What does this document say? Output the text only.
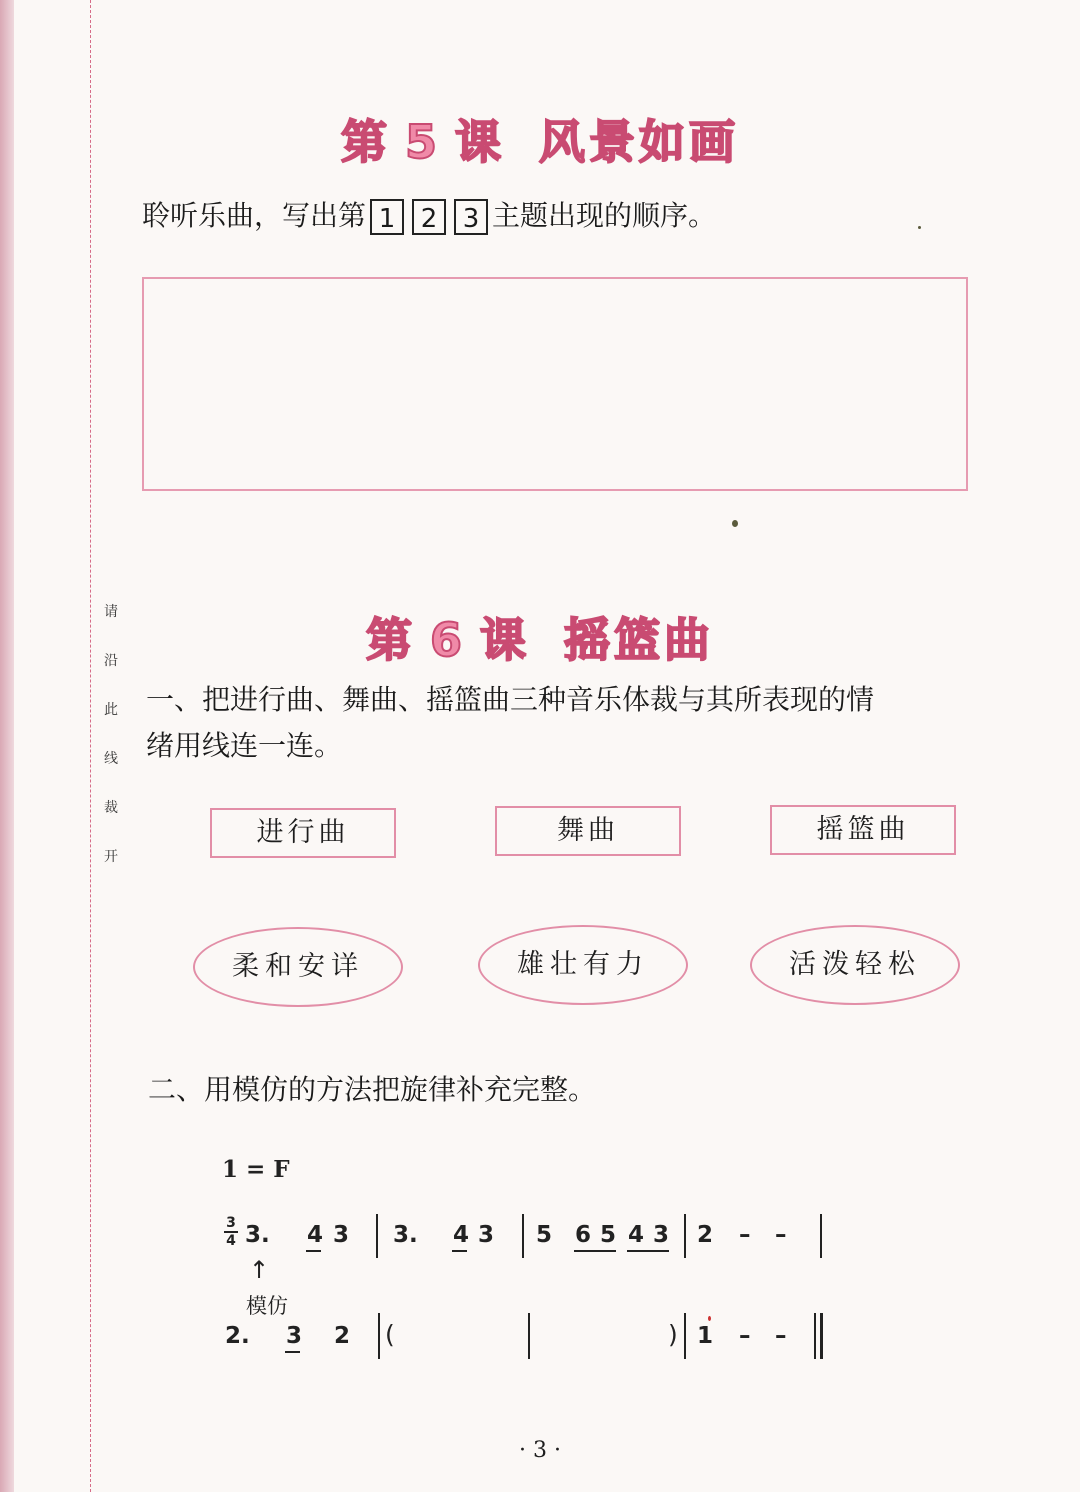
请
沿
此
线
裁
开
第 5 课 风景如画
聆听乐曲，写出第 1 2 3 主题出现的顺序。
第 6 课 摇篮曲
一、把进行曲、舞曲、摇篮曲三种音乐体裁与其所表现的情
绪用线连一连。
进行曲	舞曲	摇篮曲
柔和安详	雄壮有力	活泼轻松
二、用模仿的方法把旋律补充完整。
1 = F
3
4 3. 4 3 3. 4 3 5 6 5 4 3 2 – –
↑
模仿
2. 3 2 (	) 1 – –
· 3 ·
